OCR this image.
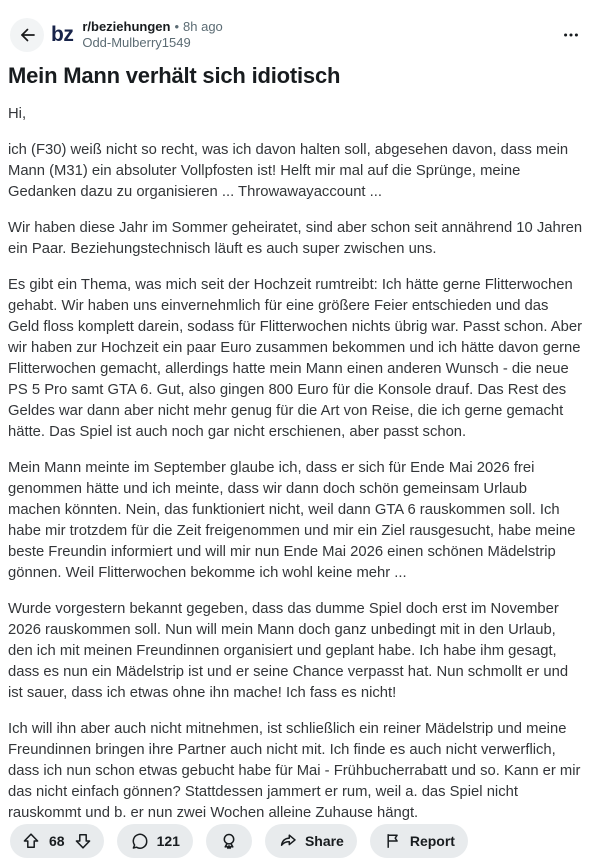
bz r/beziehungen • 8h ago
Odd-Mulberry1549
Mein Mann verhält sich idiotisch

Hi,

ich (F30) weiß nicht so recht, was ich davon halten soll, abgesehen davon, dass mein Mann (M31) ein absoluter Vollpfosten ist! Helft mir mal auf die Sprünge, meine Gedanken dazu zu organisieren ... Throwawayaccount ...

Wir haben diese Jahr im Sommer geheiratet, sind aber schon seit annährend 10 Jahren ein Paar. Beziehungstechnisch läuft es auch super zwischen uns.

Es gibt ein Thema, was mich seit der Hochzeit rumtreibt: Ich hätte gerne Flitterwochen gehabt. Wir haben uns einvernehmlich für eine größere Feier entschieden und das Geld floss komplett darein, sodass für Flitterwochen nichts übrig war. Passt schon. Aber wir haben zur Hochzeit ein paar Euro zusammen bekommen und ich hätte davon gerne Flitterwochen gemacht, allerdings hatte mein Mann einen anderen Wunsch - die neue PS 5 Pro samt GTA 6. Gut, also gingen 800 Euro für die Konsole drauf. Das Rest des Geldes war dann aber nicht mehr genug für die Art von Reise, die ich gerne gemacht hätte. Das Spiel ist auch noch gar nicht erschienen, aber passt schon.

Mein Mann meinte im September glaube ich, dass er sich für Ende Mai 2026 frei genommen hätte und ich meinte, dass wir dann doch schön gemeinsam Urlaub machen könnten. Nein, das funktioniert nicht, weil dann GTA 6 rauskommen soll. Ich habe mir trotzdem für die Zeit freigenommen und mir ein Ziel rausgesucht, habe meine beste Freundin informiert und will mir nun Ende Mai 2026 einen schönen Mädelstrip gönnen. Weil Flitterwochen bekomme ich wohl keine mehr ...

Wurde vorgestern bekannt gegeben, dass das dumme Spiel doch erst im November 2026 rauskommen soll. Nun will mein Mann doch ganz unbedingt mit in den Urlaub, den ich mit meinen Freundinnen organisiert und geplant habe. Ich habe ihm gesagt, dass es nun ein Mädelstrip ist und er seine Chance verpasst hat. Nun schmollt er und ist sauer, dass ich etwas ohne ihn mache! Ich fass es nicht!

Ich will ihn aber auch nicht mitnehmen, ist schließlich ein reiner Mädelstrip und meine Freundinnen bringen ihre Partner auch nicht mit. Ich finde es auch nicht verwerflich, dass ich nun schon etwas gebucht habe für Mai - Frühbucherrabatt und so. Kann er mir das nicht einfach gönnen? Stattdessen jammert er rum, weil a. das Spiel nicht rauskommt und b. er nun zwei Wochen alleine Zuhause hängt.

68	121	Share	Report
